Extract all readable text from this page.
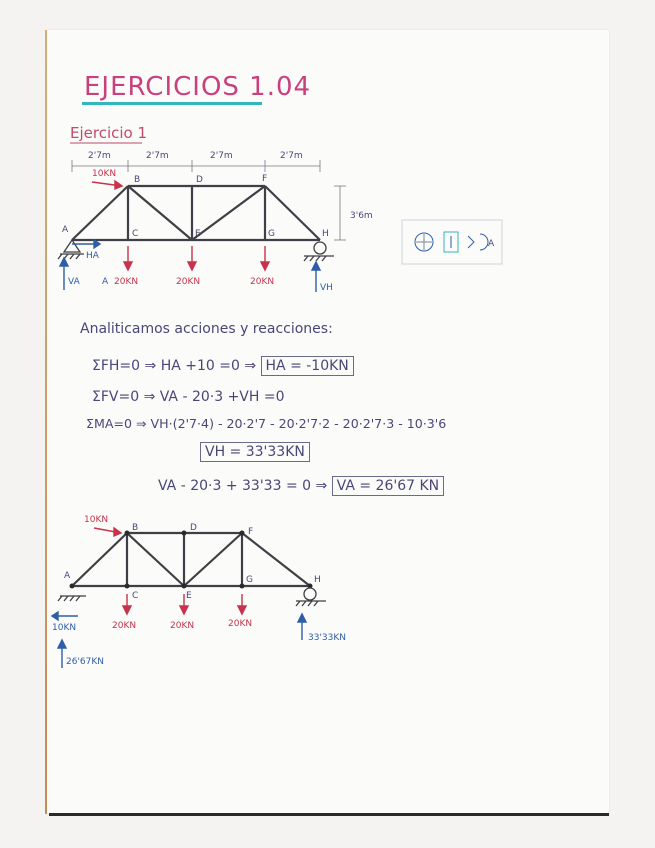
EJERCICIOS 1.04
Ejercicio 1
A
B
C
D
E
F
G	H
2'7m	2'7m	2'7m	2'7m
3'6m
10KN
20KN	20KN	20KN
HA
VA A
VH
A
A
B
C
D
E
F
G	H
10KN
20KN	20KN	20KN
10KN
26'67KN
33'33KN
Analiticamos acciones y reacciones:
ΣFH=0 ⇒ HA +10 =0 ⇒ HA = -10KN
ΣFV=0 ⇒ VA - 20·3 +VH =0
ΣMA=0 ⇒ VH·(2'7·4) - 20·2'7 - 20·2'7·2 - 20·2'7·3 - 10·3'6
VH = 33'33KN
VA - 20·3 + 33'33 = 0 ⇒ VA = 26'67 KN
